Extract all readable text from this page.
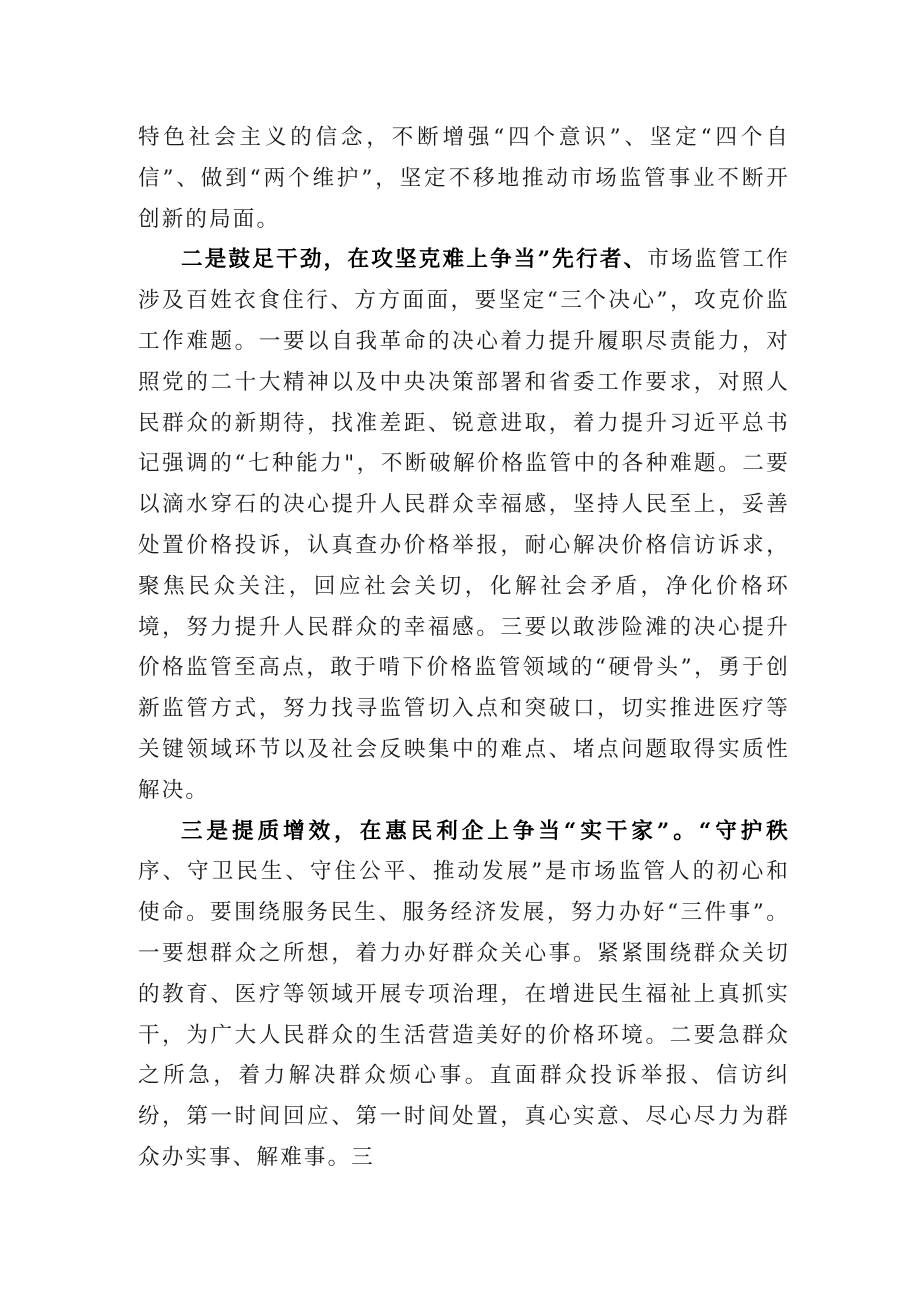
特色社会主义的信念，不断增强“四个意识”、坚定“四个自信”、做到“两个维护”，坚定不移地推动市场监管事业不断开创新的局面。

二是鼓足干劲，在攻坚克难上争当”先行者、市场监管工作涉及百姓衣食住行、方方面面，要坚定“三个决心”，攻克价监工作难题。一要以自我革命的决心着力提升履职尽责能力，对照党的二十大精神以及中央决策部署和省委工作要求，对照人民群众的新期待，找准差距、锐意进取，着力提升习近平总书记强调的“七种能力"，不断破解价格监管中的各种难题。二要以滴水穿石的决心提升人民群众幸福感，坚持人民至上，妥善处置价格投诉，认真查办价格举报，耐心解决价格信访诉求，聚焦民众关注，回应社会关切，化解社会矛盾，净化价格环境，努力提升人民群众的幸福感。三要以敢涉险滩的决心提升价格监管至高点，敢于啃下价格监管领域的“硬骨头”，勇于创新监管方式，努力找寻监管切入点和突破口，切实推进医疗等关键领域环节以及社会反映集中的难点、堵点问题取得实质性解决。

三是提质增效，在惠民利企上争当“实干家”。“守护秩序、守卫民生、守住公平、推动发展”是市场监管人的初心和使命。要围绕服务民生、服务经济发展，努力办好“三件事”。一要想群众之所想，着力办好群众关心事。紧紧围绕群众关切的教育、医疗等领域开展专项治理，在增进民生福祉上真抓实干，为广大人民群众的生活营造美好的价格环境。二要急群众之所急，着力解决群众烦心事。直面群众投诉举报、信访纠纷，第一时间回应、第一时间处置，真心实意、尽心尽力为群众办实事、解难事。三
